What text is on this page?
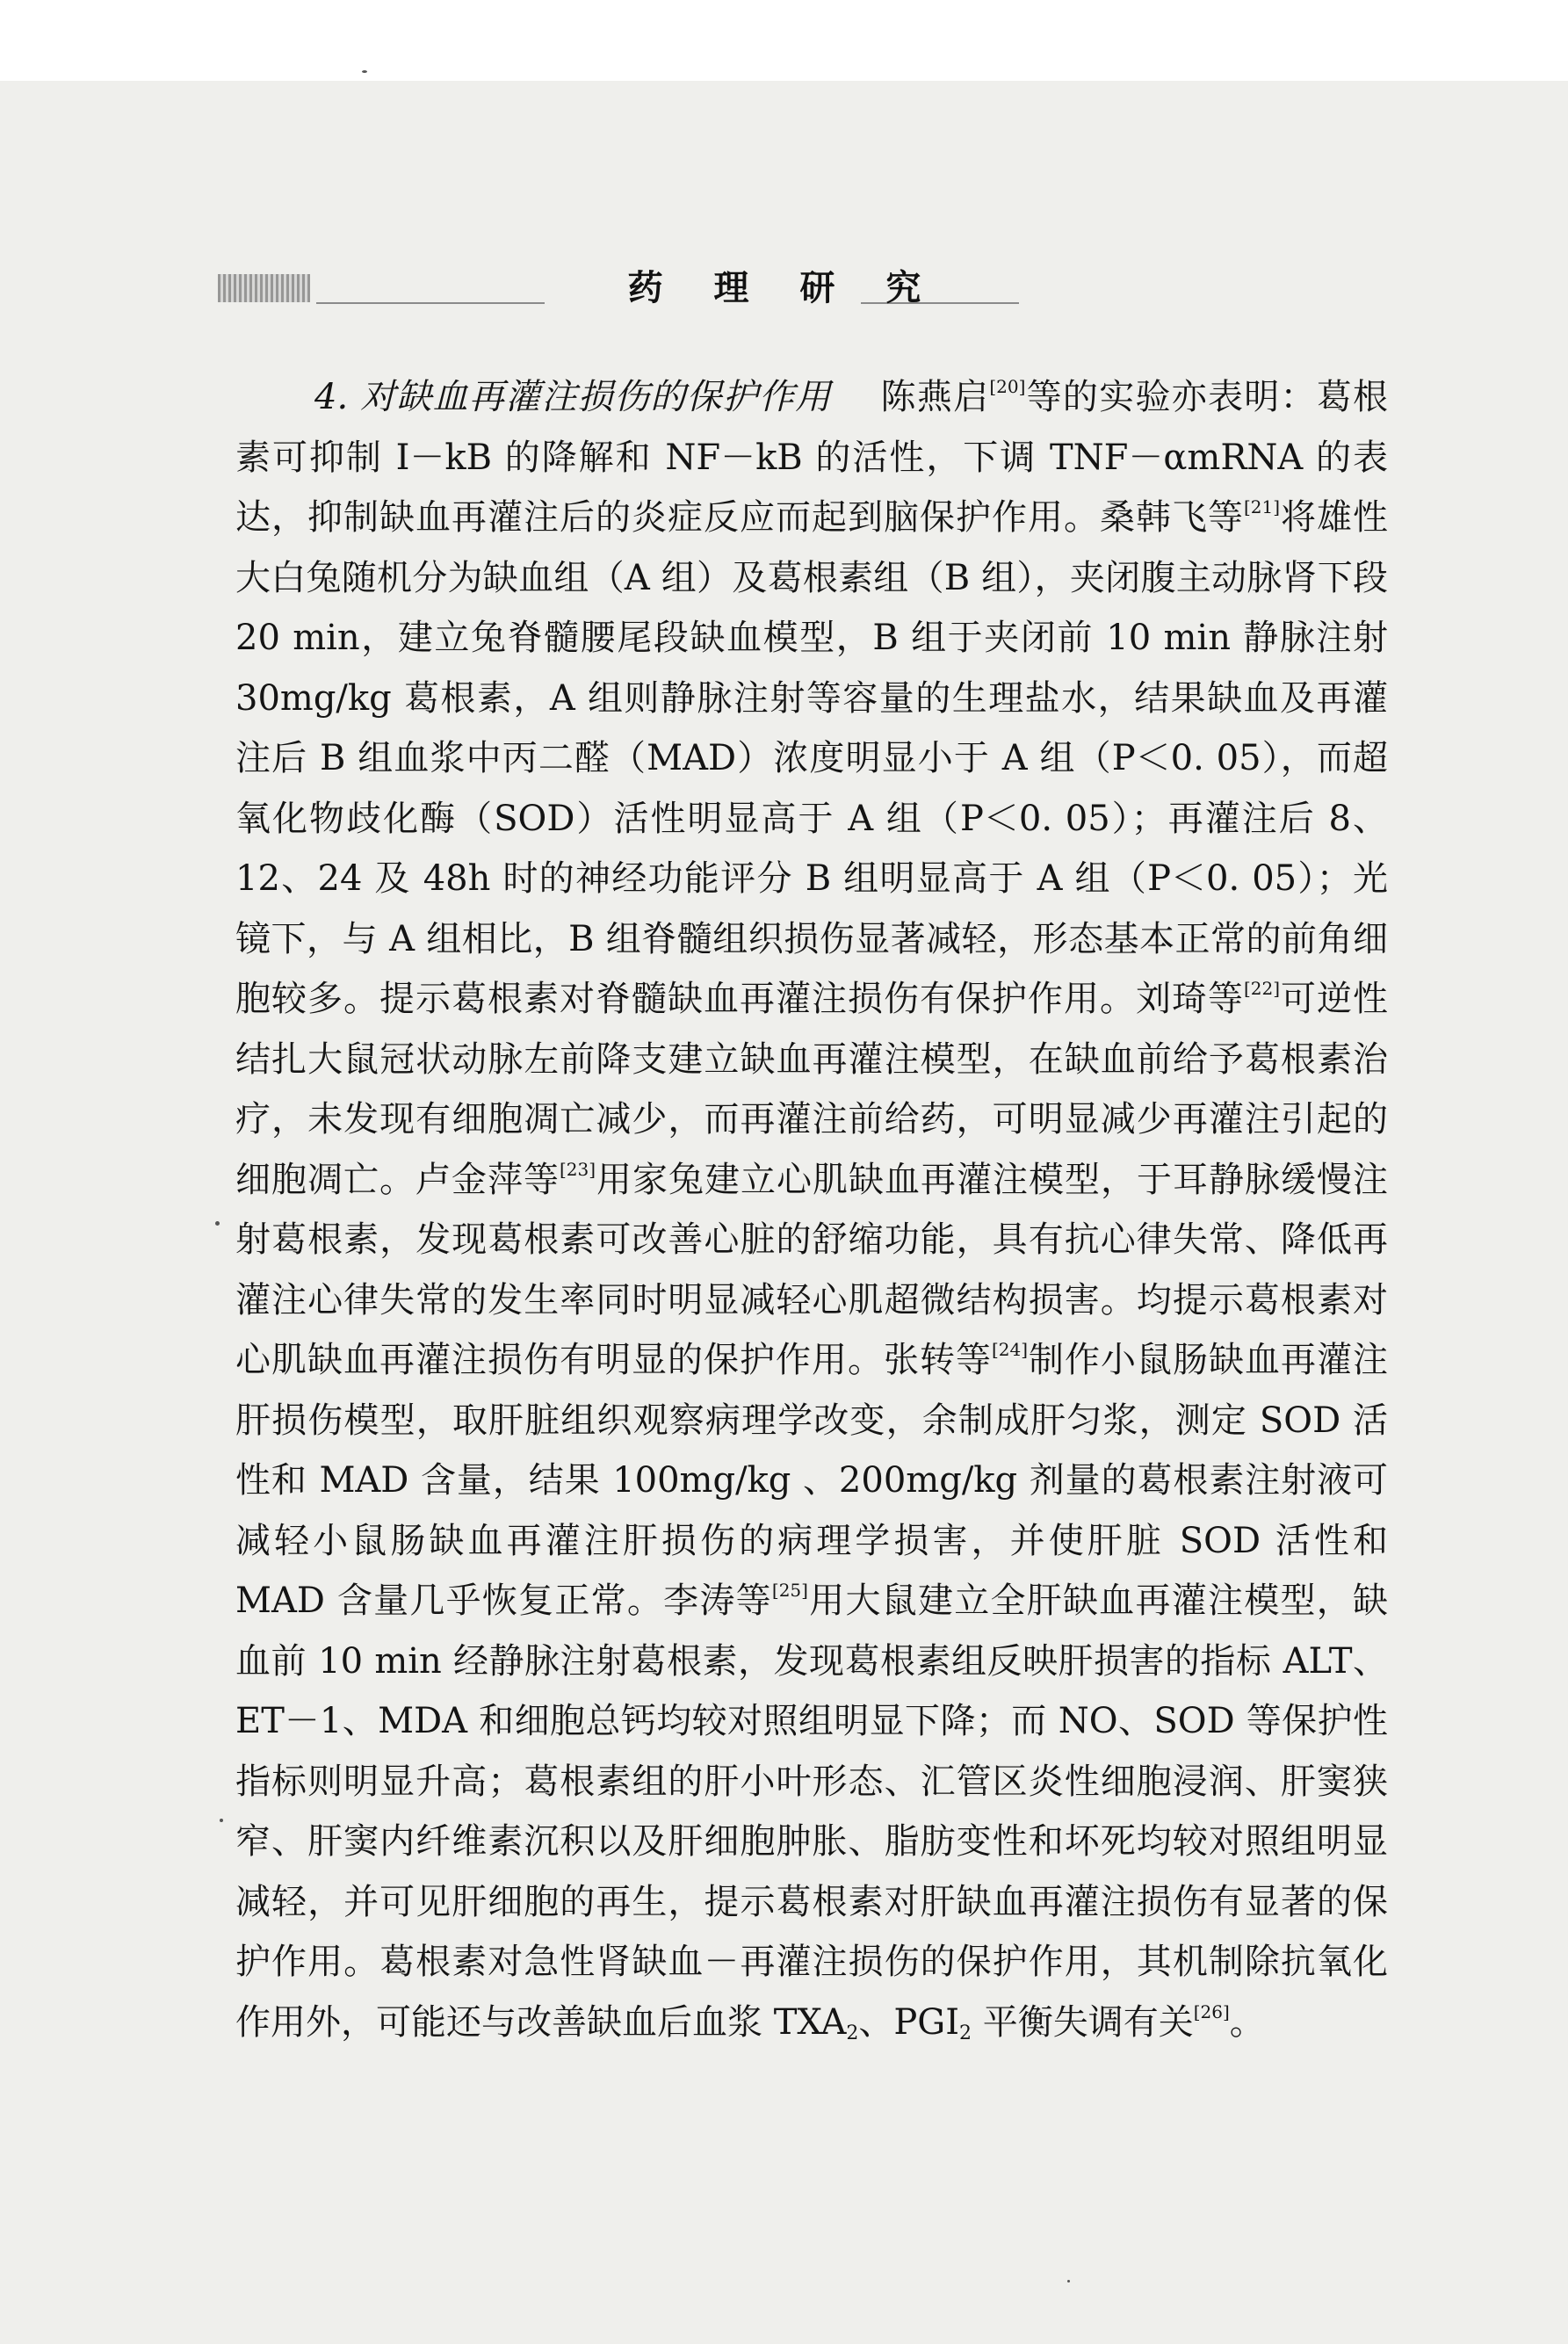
药 理 研 究

4. 对缺血再灌注损伤的保护作用 陈燕启[20]等的实验亦表明：葛根素可抑制 I－kB 的降解和 NF－kB 的活性，下调 TNF－αmRNA 的表达，抑制缺血再灌注后的炎症反应而起到脑保护作用。桑韩飞等[21]将雄性大白兔随机分为缺血组（A 组）及葛根素组（B 组），夹闭腹主动脉肾下段 20 min，建立兔脊髓腰尾段缺血模型，B 组于夹闭前 10 min 静脉注射 30mg/kg 葛根素，A 组则静脉注射等容量的生理盐水，结果缺血及再灌注后 B 组血浆中丙二醛（MAD）浓度明显小于 A 组（P＜0. 05），而超氧化物歧化酶（SOD）活性明显高于 A 组（P＜0. 05）；再灌注后 8、12、24 及 48h 时的神经功能评分 B 组明显高于 A 组（P＜0. 05）；光镜下，与 A 组相比，B 组脊髓组织损伤显著减轻，形态基本正常的前角细胞较多。提示葛根素对脊髓缺血再灌注损伤有保护作用。刘琦等[22]可逆性结扎大鼠冠状动脉左前降支建立缺血再灌注模型，在缺血前给予葛根素治疗，未发现有细胞凋亡减少，而再灌注前给药，可明显减少再灌注引起的细胞凋亡。卢金萍等[23]用家兔建立心肌缺血再灌注模型，于耳静脉缓慢注射葛根素，发现葛根素可改善心脏的舒缩功能，具有抗心律失常、降低再灌注心律失常的发生率同时明显减轻心肌超微结构损害。均提示葛根素对心肌缺血再灌注损伤有明显的保护作用。张转等[24]制作小鼠肠缺血再灌注肝损伤模型，取肝脏组织观察病理学改变，余制成肝匀浆，测定 SOD 活性和 MAD 含量，结果 100mg/kg 、200mg/kg 剂量的葛根素注射液可减轻小鼠肠缺血再灌注肝损伤的病理学损害，并使肝脏 SOD 活性和 MAD 含量几乎恢复正常。李涛等[25]用大鼠建立全肝缺血再灌注模型，缺血前 10 min 经静脉注射葛根素，发现葛根素组反映肝损害的指标 ALT、ET－1、MDA 和细胞总钙均较对照组明显下降；而 NO、SOD 等保护性指标则明显升高；葛根素组的肝小叶形态、汇管区炎性细胞浸润、肝窦狭窄、肝窦内纤维素沉积以及肝细胞肿胀、脂肪变性和坏死均较对照组明显减轻，并可见肝细胞的再生，提示葛根素对肝缺血再灌注损伤有显著的保护作用。葛根素对急性肾缺血－再灌注损伤的保护作用，其机制除抗氧化作用外，可能还与改善缺血后血浆 $TXA_2$、$PGI_2$ 平衡失调有关[26]。
